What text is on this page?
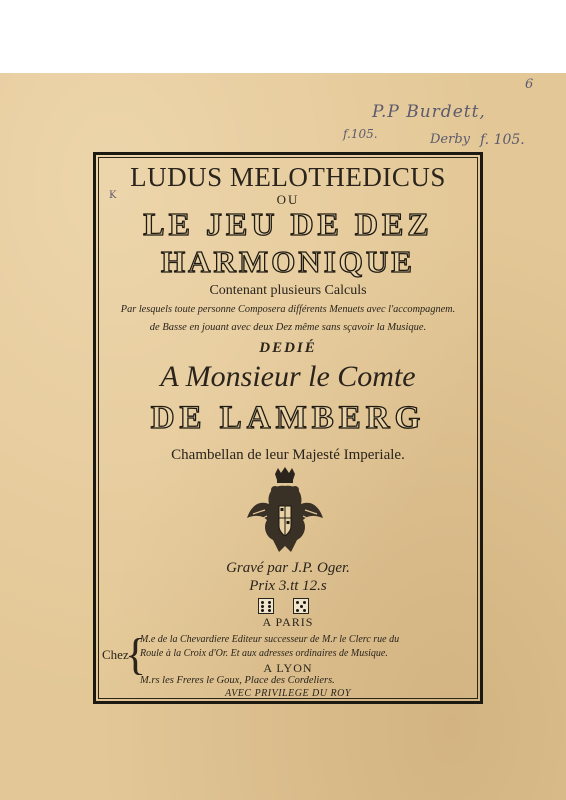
6
P.P Burdett,
f.105.	Derby f. 105.
LUDUS MELOTHEDICUS
K	OU
LE JEU DE DEZ
HARMONIQUE
Contenant plusieurs Calculs
Par lesquels toute personne Composera différents Menuets avec l'accompagnem.
de Basse en jouant avec deux Dez même sans sçavoir la Musique.
DEDIÉ
A Monsieur le Comte
DE LAMBERG
Chambellan de leur Majesté Imperiale.
Gravé par J.P. Oger.
Prix 3.tt 12.s
A PARIS
{
Chez
M.e de la Chevardiere Editeur successeur de M.r le Clerc rue du
Roule à la Croix d'Or. Et aux adresses ordinaires de Musique.
A LYON
M.rs les Freres le Goux, Place des Cordeliers.
AVEC PRIVILEGE DU ROY
